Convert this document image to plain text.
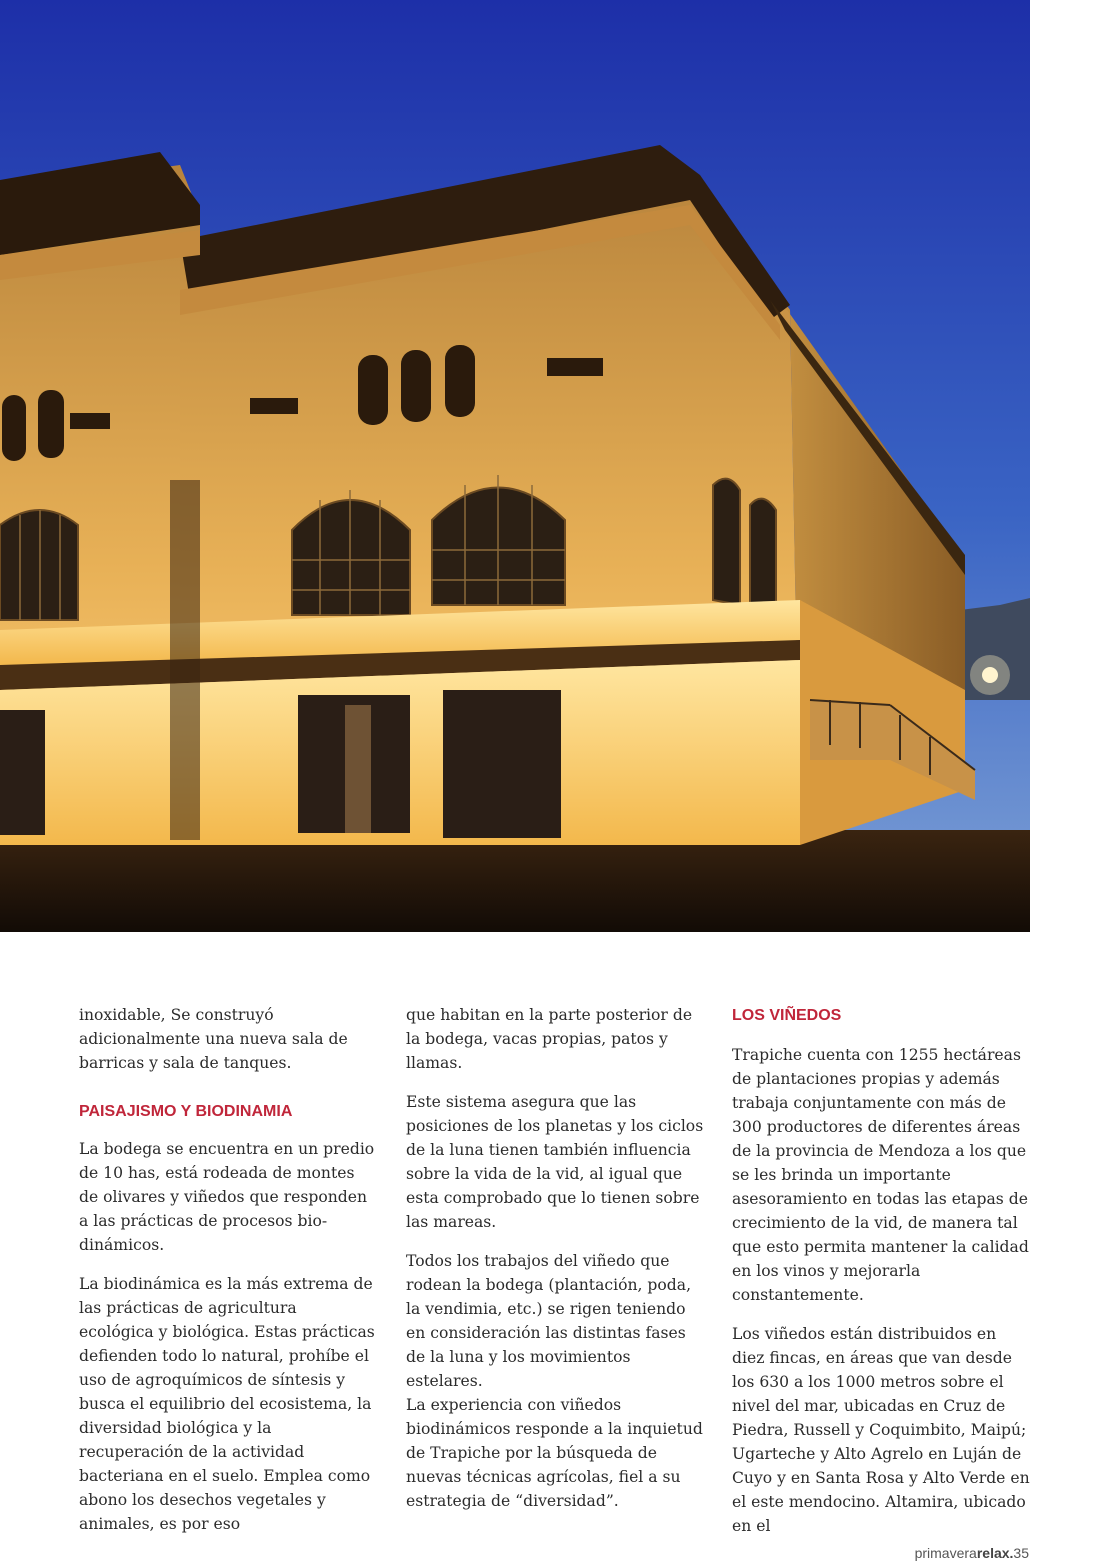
inoxidable, Se construyó adicionalmente una nueva sala de barricas y sala de tanques.

PAISAJISMO Y BIODINAMIA

La bodega se encuentra en un predio de 10 has, está rodeada de montes de olivares y viñedos que responden a las prácticas de procesos bio-dinámicos.

La biodinámica es la más extrema de las prácticas de agricultura ecológica y biológica. Estas prácticas defienden todo lo natural, prohíbe el uso de agroquímicos de síntesis y busca el equilibrio del ecosistema, la diversidad biológica y la recuperación de la actividad bacteriana en el suelo. Emplea como abono los desechos vegetales y animales, es por eso

que habitan en la parte posterior de la bodega, vacas propias, patos y llamas.

Este sistema asegura que las posiciones de los planetas y los ciclos de la luna tienen también influencia sobre la vida de la vid, al igual que esta comprobado que lo tienen sobre las mareas.

Todos los trabajos del viñedo que rodean la bodega (plantación, poda, la vendimia, etc.) se rigen teniendo en consideración las distintas fases de la luna y los movimientos estelares.

La experiencia con viñedos biodinámicos responde a la inquietud de Trapiche por la búsqueda de nuevas técnicas agrícolas, fiel a su estrategia de “diversidad”.

LOS VIÑEDOS

Trapiche cuenta con 1255 hectáreas de plantaciones propias y además trabaja conjuntamente con más de 300 productores de diferentes áreas de la provincia de Mendoza a los que se les brinda un importante asesoramiento en todas las etapas de crecimiento de la vid, de manera tal que esto permita mantener la calidad en los vinos y mejorarla constantemente.

Los viñedos están distribuidos en diez fincas, en áreas que van desde los 630 a los 1000 metros sobre el nivel del mar, ubicadas en Cruz de Piedra, Russell y Coquimbito, Maipú; Ugarteche y Alto Agrelo en Luján de Cuyo y en Santa Rosa y Alto Verde en el este mendocino. Altamira, ubicado en el

primaverarelax.35
